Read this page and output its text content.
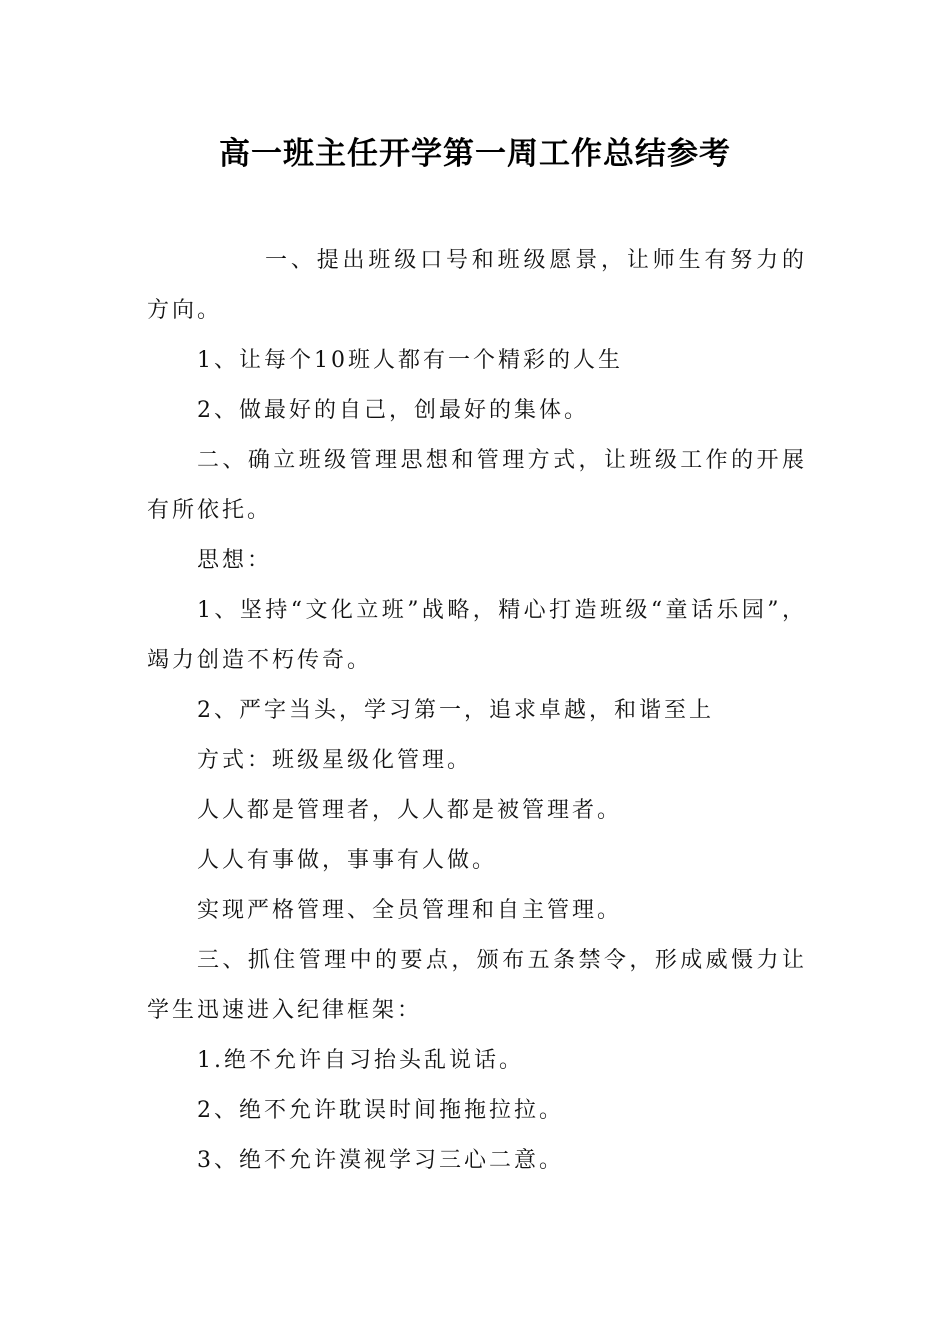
高一班主任开学第一周工作总结参考

一、提出班级口号和班级愿景，让师生有努力的方向。

1、让每个10班人都有一个精彩的人生

2、做最好的自己，创最好的集体。

二、确立班级管理思想和管理方式，让班级工作的开展有所依托。

思想：

1、坚持“文化立班”战略，精心打造班级“童话乐园”，竭力创造不朽传奇。

2、严字当头，学习第一，追求卓越，和谐至上

方式：班级星级化管理。

人人都是管理者，人人都是被管理者。

人人有事做，事事有人做。

实现严格管理、全员管理和自主管理。

三、抓住管理中的要点，颁布五条禁令，形成威慑力让学生迅速进入纪律框架：

1.绝不允许自习抬头乱说话。

2、绝不允许耽误时间拖拖拉拉。

3、绝不允许漠视学习三心二意。
